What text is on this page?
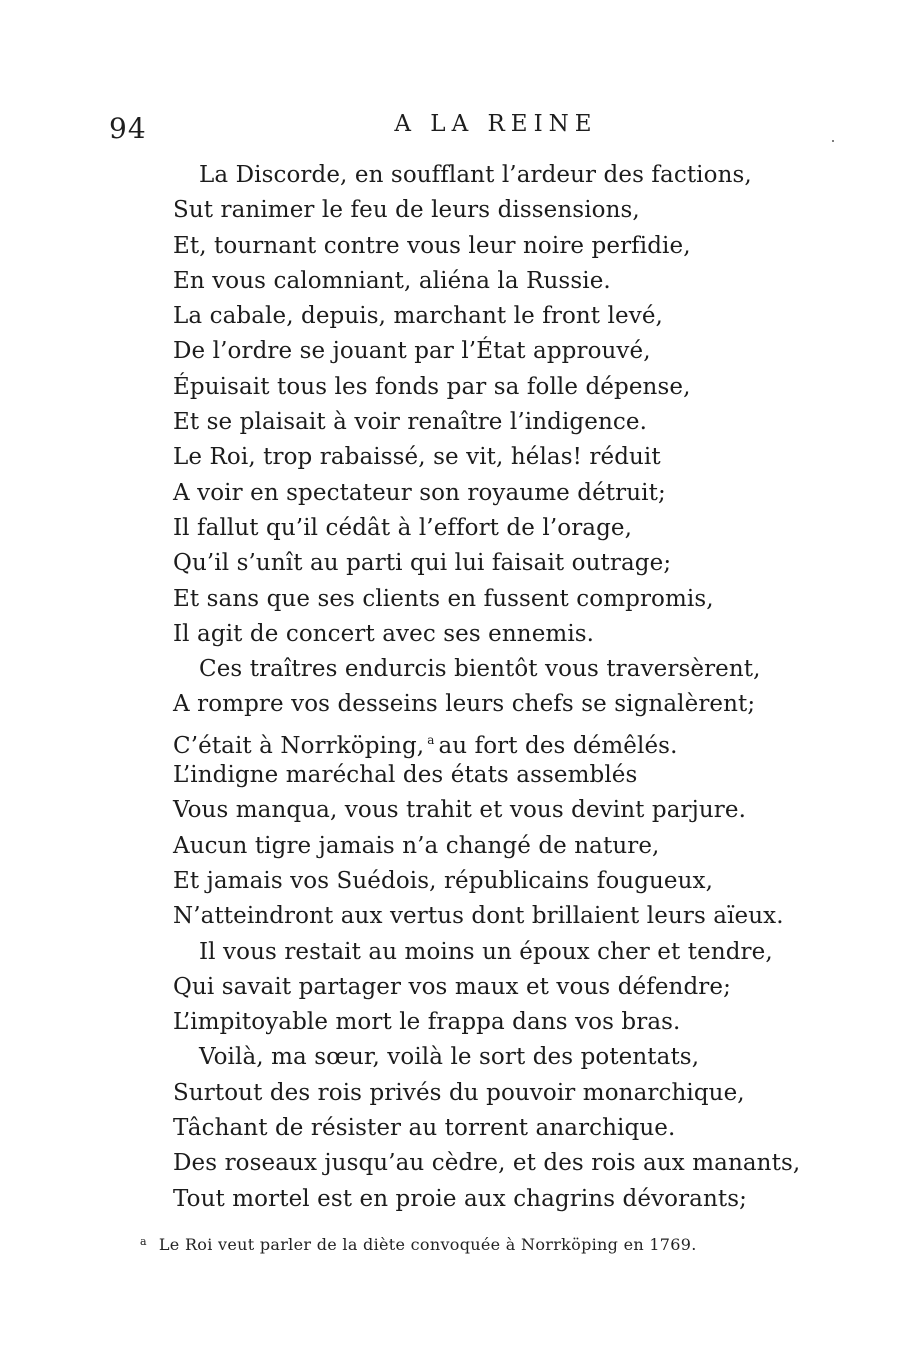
94	A LA REINE
La Discorde, en soufflant l’ardeur des factions,
Sut ranimer le feu de leurs dissensions,
Et, tournant contre vous leur noire perfidie,
En vous calomniant, aliéna la Russie.
La cabale, depuis, marchant le front levé,
De l’ordre se jouant par l’État approuvé,
Épuisait tous les fonds par sa folle dépense,
Et se plaisait à voir renaître l’indigence.
Le Roi, trop rabaissé, se vit, hélas! réduit
A voir en spectateur son royaume détruit;
Il fallut qu’il cédât à l’effort de l’orage,
Qu’il s’unît au parti qui lui faisait outrage;
Et sans que ses clients en fussent compromis,
Il agit de concert avec ses ennemis.
Ces traîtres endurcis bientôt vous traversèrent,
A rompre vos desseins leurs chefs se signalèrent;
C’était à Norrköping, $^a$ au fort des démêlés.
L’indigne maréchal des états assemblés
Vous manqua, vous trahit et vous devint parjure.
Aucun tigre jamais n’a changé de nature,
Et jamais vos Suédois, républicains fougueux,
N’atteindront aux vertus dont brillaient leurs aïeux.
Il vous restait au moins un époux cher et tendre,
Qui savait partager vos maux et vous défendre;
L’impitoyable mort le frappa dans vos bras.
Voilà, ma sœur, voilà le sort des potentats,
Surtout des rois privés du pouvoir monarchique,
Tâchant de résister au torrent anarchique.
Des roseaux jusqu’au cèdre, et des rois aux manants,
Tout mortel est en proie aux chagrins dévorants;
$^a$ Le Roi veut parler de la diète convoquée à Norrköping en 1769.
